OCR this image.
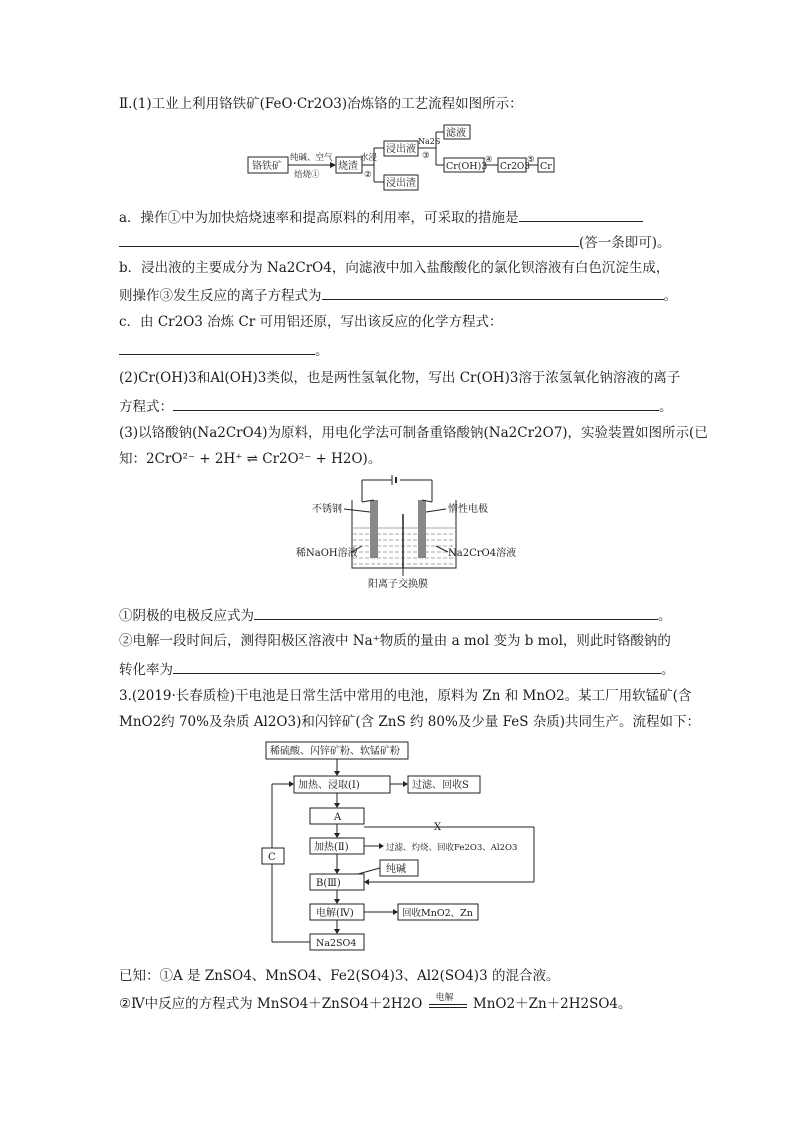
Ⅱ.(1)工业上利用铬铁矿(FeO·Cr2O3)冶炼铬的工艺流程如图所示：
铬铁矿
纯碱、空气
焙烧①
烧渣
水浸
②
浸出液
浸出渣
Na2S
③
滤液
Cr(OH)3
④
Cr2O3
⑤
Cr
a．操作①中为加快焙烧速率和提高原料的利用率，可采取的措施是
(答一条即可)。
b．浸出液的主要成分为 Na2CrO4，向滤液中加入盐酸酸化的氯化钡溶液有白色沉淀生成，
则操作③发生反应的离子方程式为	。
c．由 Cr2O3 冶炼 Cr 可用铝还原，写出该反应的化学方程式：
。
(2)Cr(OH)3和Al(OH)3类似，也是两性氢氧化物，写出 Cr(OH)3溶于浓氢氧化钠溶液的离子
方程式：	。
(3)以铬酸钠(Na2CrO4)为原料，用电化学法可制备重铬酸钠(Na2Cr2O7)，实验装置如图所示(已
知：2CrO²⁻ + 2H⁺ ⇌ Cr2O²⁻ + H2O)。
不锈钢	惰性电极
稀NaOH溶液	Na2CrO4溶液
阳离子交换膜
①阴极的电极反应式为	。
②电解一段时间后，测得阳极区溶液中 Na⁺物质的量由 a mol 变为 b mol，则此时铬酸钠的
转化率为	。
3.(2019·长春质检)干电池是日常生活中常用的电池，原料为 Zn 和 MnO2。某工厂用软锰矿(含
MnO2约 70%及杂质 Al2O3)和闪锌矿(含 ZnS 约 80%及少量 FeS 杂质)共同生产。流程如下：
稀硫酸、闪锌矿粉、软锰矿粉
加热、浸取(Ⅰ)	过滤、回收S
A
加热(Ⅱ)
X
过滤、灼烧、回收Fe2O3、Al2O3
纯碱
B(Ⅲ)
电解(Ⅳ)	回收MnO2、Zn
Na2SO4
C
已知：①A 是 ZnSO4、MnSO4、Fe2(SO4)3、Al2(SO4)3 的混合液。
②Ⅳ中反应的方程式为 MnSO4＋ZnSO4＋2H2O 电解 MnO2＋Zn＋2H2SO4。
